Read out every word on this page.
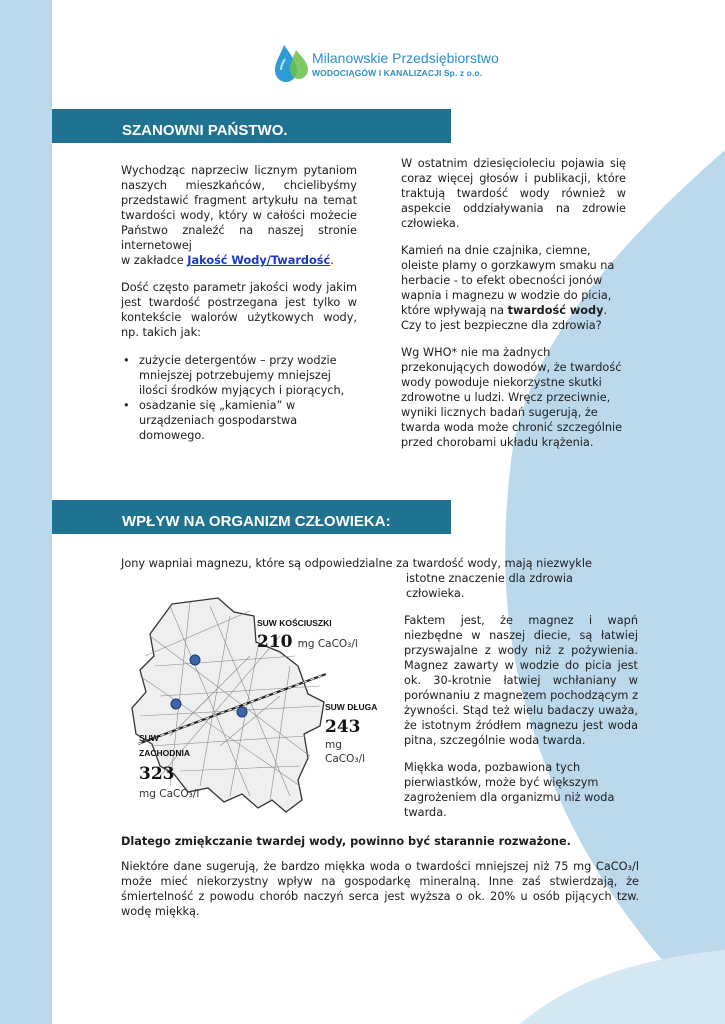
Milanowskie Przedsiębiorstwo
WODOCIĄGÓW I KANALIZACJI Sp. z o.o.
SZANOWNI PAŃSTWO.

Wychodząc naprzeciw licznym pytaniom naszych mieszkańców, chcielibyśmy przedstawić fragment artykułu na temat twardości wody, który w całości możecie Państwo znaleźć na naszej stronie internetowej
w zakładce Jakość Wody/Twardość.

Dość często parametr jakości wody jakim jest twardość postrzegana jest tylko w kontekście walorów użytkowych wody, np. takich jak:

• zużycie detergentów – przy wodzie mniejszej potrzebujemy mniejszej ilości środków myjących i piorących,
• osadzanie się „kamienia” w urządzeniach gospodarstwa domowego.

W ostatnim dziesięcioleciu pojawia się coraz więcej głosów i publikacji, które traktują twardość wody również w aspekcie oddziaływania na zdrowie człowieka.

Kamień na dnie czajnika, ciemne, oleiste plamy o gorzkawym smaku na herbacie - to efekt obecności jonów wapnia i magnezu w wodzie do picia, które wpływają na twardość wody. Czy to jest bezpieczne dla zdrowia?

Wg WHO* nie ma żadnych przekonujących dowodów, że twardość wody powoduje niekorzystne skutki zdrowotne u ludzi. Wręcz przeciwnie, wyniki licznych badań sugerują, że twarda woda może chronić szczególnie przed chorobami układu krążenia.

WPŁYW NA ORGANIZM CZŁOWIEKA:
Jony wapniai magnezu, które są odpowiedzialne za twardość wody, mają niezwykle
istotne znaczenie dla zdrowia człowieka.

Faktem jest, że magnez i wapń niezbędne w naszej diecie, są łatwiej przyswajalne z wody niż z pożywienia. Magnez zawarty w wodzie do picia jest ok. 30-krotnie łatwiej wchłaniany w porównaniu z magnezem pochodzącym z żywności. Stąd też wielu badaczy uważa, że istotnym źródłem magnezu jest woda pitna, szczególnie woda twarda.

Miękka woda, pozbawiona tych pierwiastków, może być większym zagrożeniem dla organizmu niż woda twarda.

SUW KOŚCIUSZKI
210 mg CaCO₃/l
SUW DŁUGA
243
mg
CaCO₃/l
SUW
ZACHODNIA
323
mg CaCO₃/l
Dlatego zmiękczanie twardej wody, powinno być starannie rozważone.
Niektóre dane sugerują, że bardzo miękka woda o twardości mniejszej niż 75 mg CaCO₃/l może mieć niekorzystny wpływ na gospodarkę mineralną. Inne zaś stwierdzają, że śmiertelność z powodu chorób naczyń serca jest wyższa o ok. 20% u osób pijących tzw. wodę miękką.
